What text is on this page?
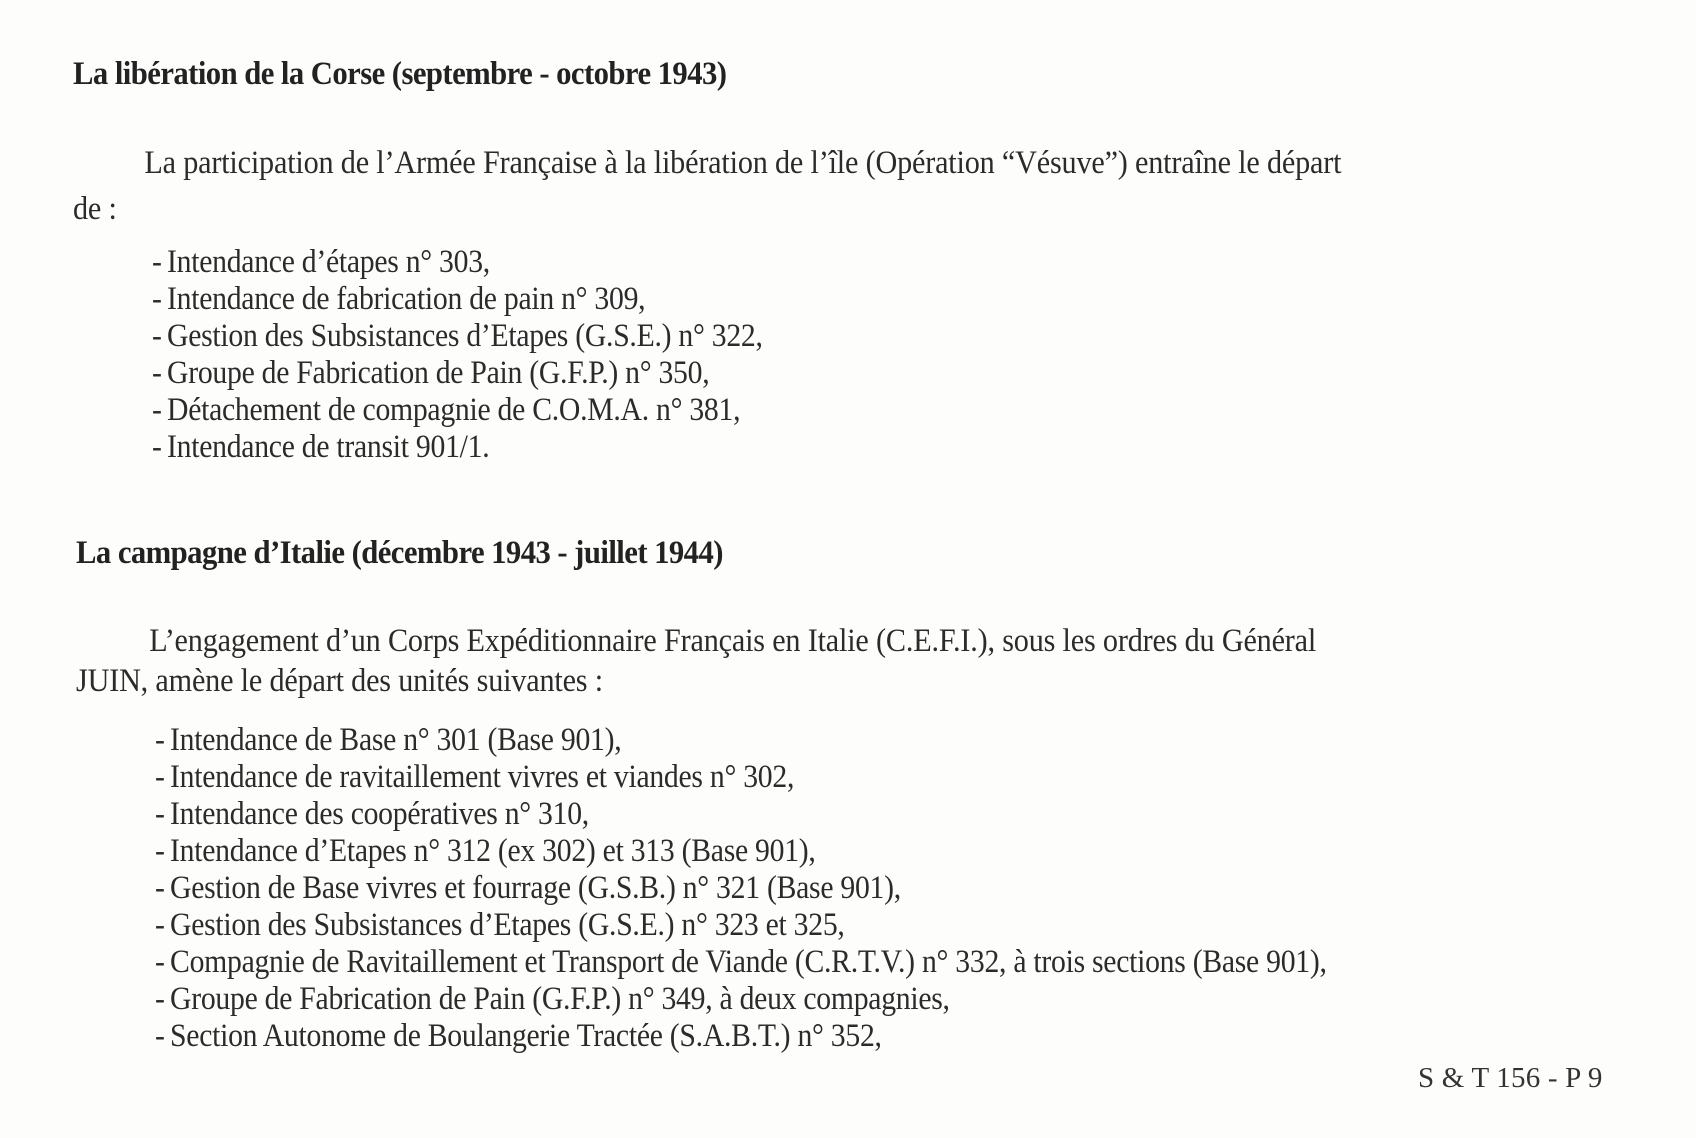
La libération de la Corse (septembre - octobre 1943)
La participation de l’Armée Française à la libération de l’île (Opération “Vésuve”) entraîne le départ
de :
- Intendance d’étapes n° 303,
- Intendance de fabrication de pain n° 309,
- Gestion des Subsistances d’Etapes (G.S.E.) n° 322,
- Groupe de Fabrication de Pain (G.F.P.) n° 350,
- Détachement de compagnie de C.O.M.A. n° 381,
- Intendance de transit 901/1.
La campagne d’Italie (décembre 1943 - juillet 1944)
L’engagement d’un Corps Expéditionnaire Français en Italie (C.E.F.I.), sous les ordres du Général
JUIN, amène le départ des unités suivantes :
- Intendance de Base n° 301 (Base 901),
- Intendance de ravitaillement vivres et viandes n° 302,
- Intendance des coopératives n° 310,
- Intendance d’Etapes n° 312 (ex 302) et 313 (Base 901),
- Gestion de Base vivres et fourrage (G.S.B.) n° 321 (Base 901),
- Gestion des Subsistances d’Etapes (G.S.E.) n° 323 et 325,
- Compagnie de Ravitaillement et Transport de Viande (C.R.T.V.) n° 332, à trois sections (Base 901),
- Groupe de Fabrication de Pain (G.F.P.) n° 349, à deux compagnies,
- Section Autonome de Boulangerie Tractée (S.A.B.T.) n° 352,
S & T 156 - P 9
